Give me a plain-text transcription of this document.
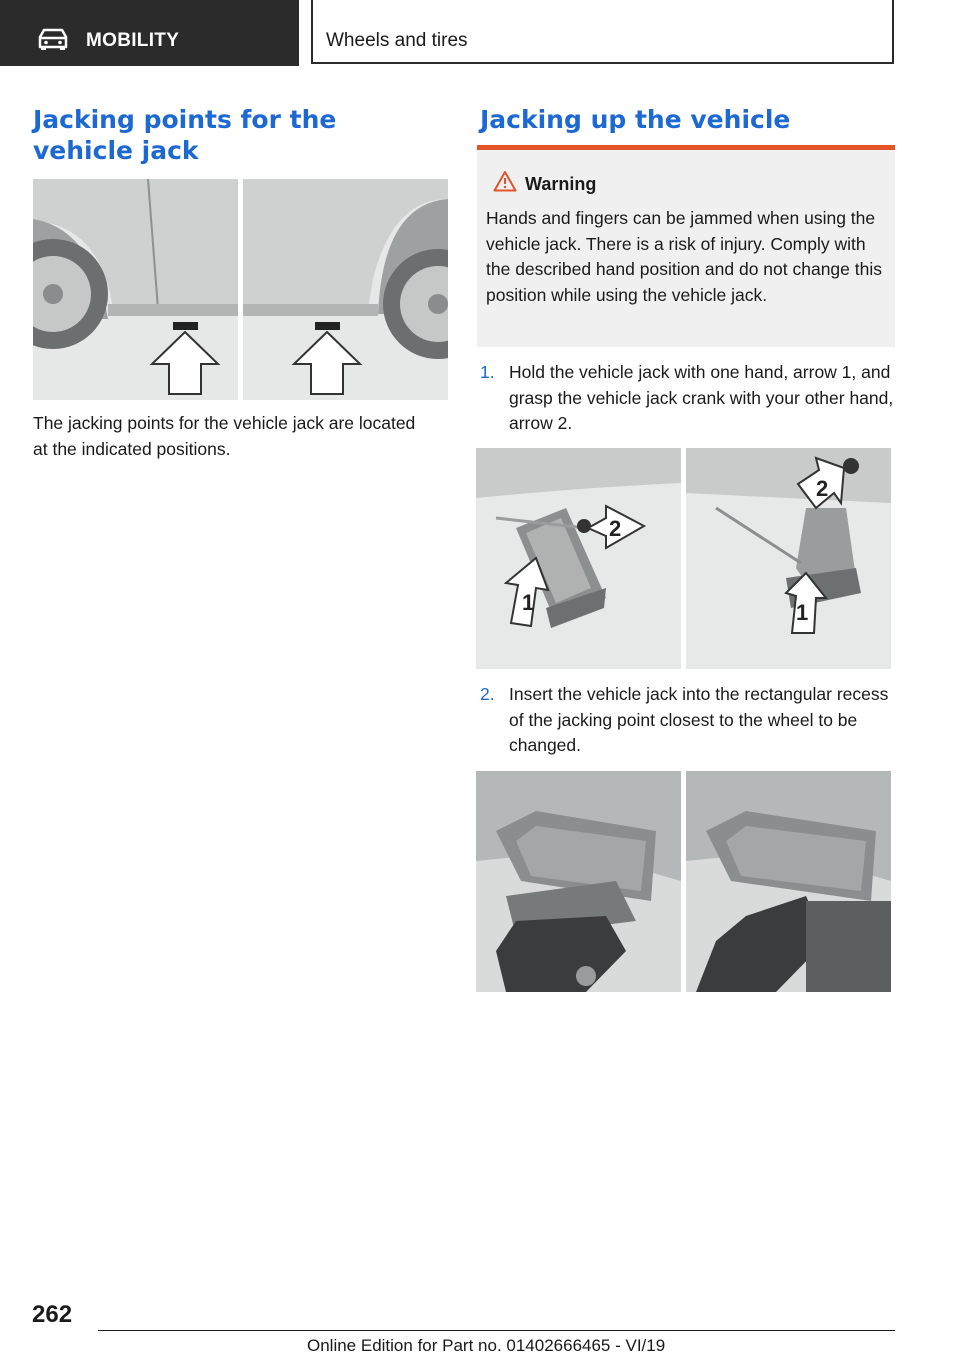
MOBILITY	Wheels and tires
Jacking points for the vehicle jack
The jacking points for the vehicle jack are located at the indicated positions.
Jacking up the vehicle
Warning
Hands and fingers can be jammed when using the vehicle jack. There is a risk of injury. Comply with the described hand position and do not change this position while using the vehicle jack.
1. Hold the vehicle jack with one hand, arrow 1, and grasp the vehicle jack crank with your other hand, arrow 2.
2
1
2
1
2. Insert the vehicle jack into the rectangular recess of the jacking point closest to the wheel to be changed.
262
Online Edition for Part no. 01402666465 - VI/19
